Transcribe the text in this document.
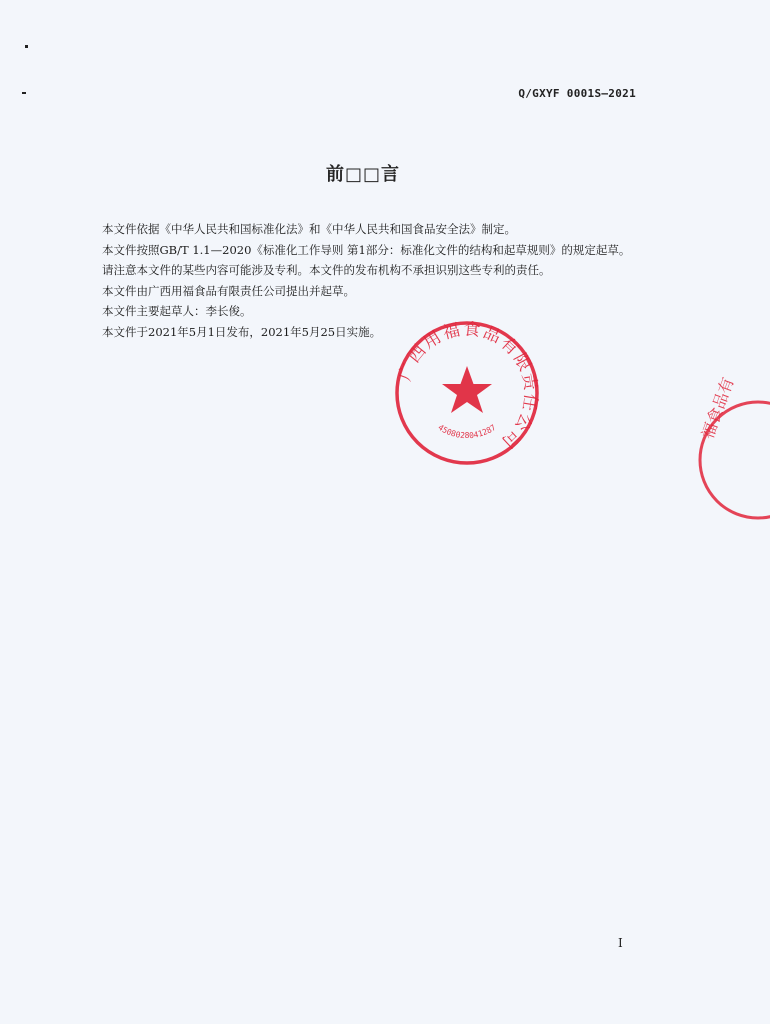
Q/GXYF 0001S—2021
前□□言

本文件依据《中华人民共和国标准化法》和《中华人民共和国食品安全法》制定。

本文件按照GB/T 1.1—2020《标准化工作导则 第1部分：标准化文件的结构和起草规则》的规定起草。

请注意本文件的某些内容可能涉及专利。本文件的发布机构不承担识别这些专利的责任。

本文件由广西用福食品有限责任公司提出并起草。

本文件主要起草人：李长俊。

本文件于2021年5月1日发布，2021年5月25日实施。

广西用福食品有限责任公司
4508028041287	福食品有
I
